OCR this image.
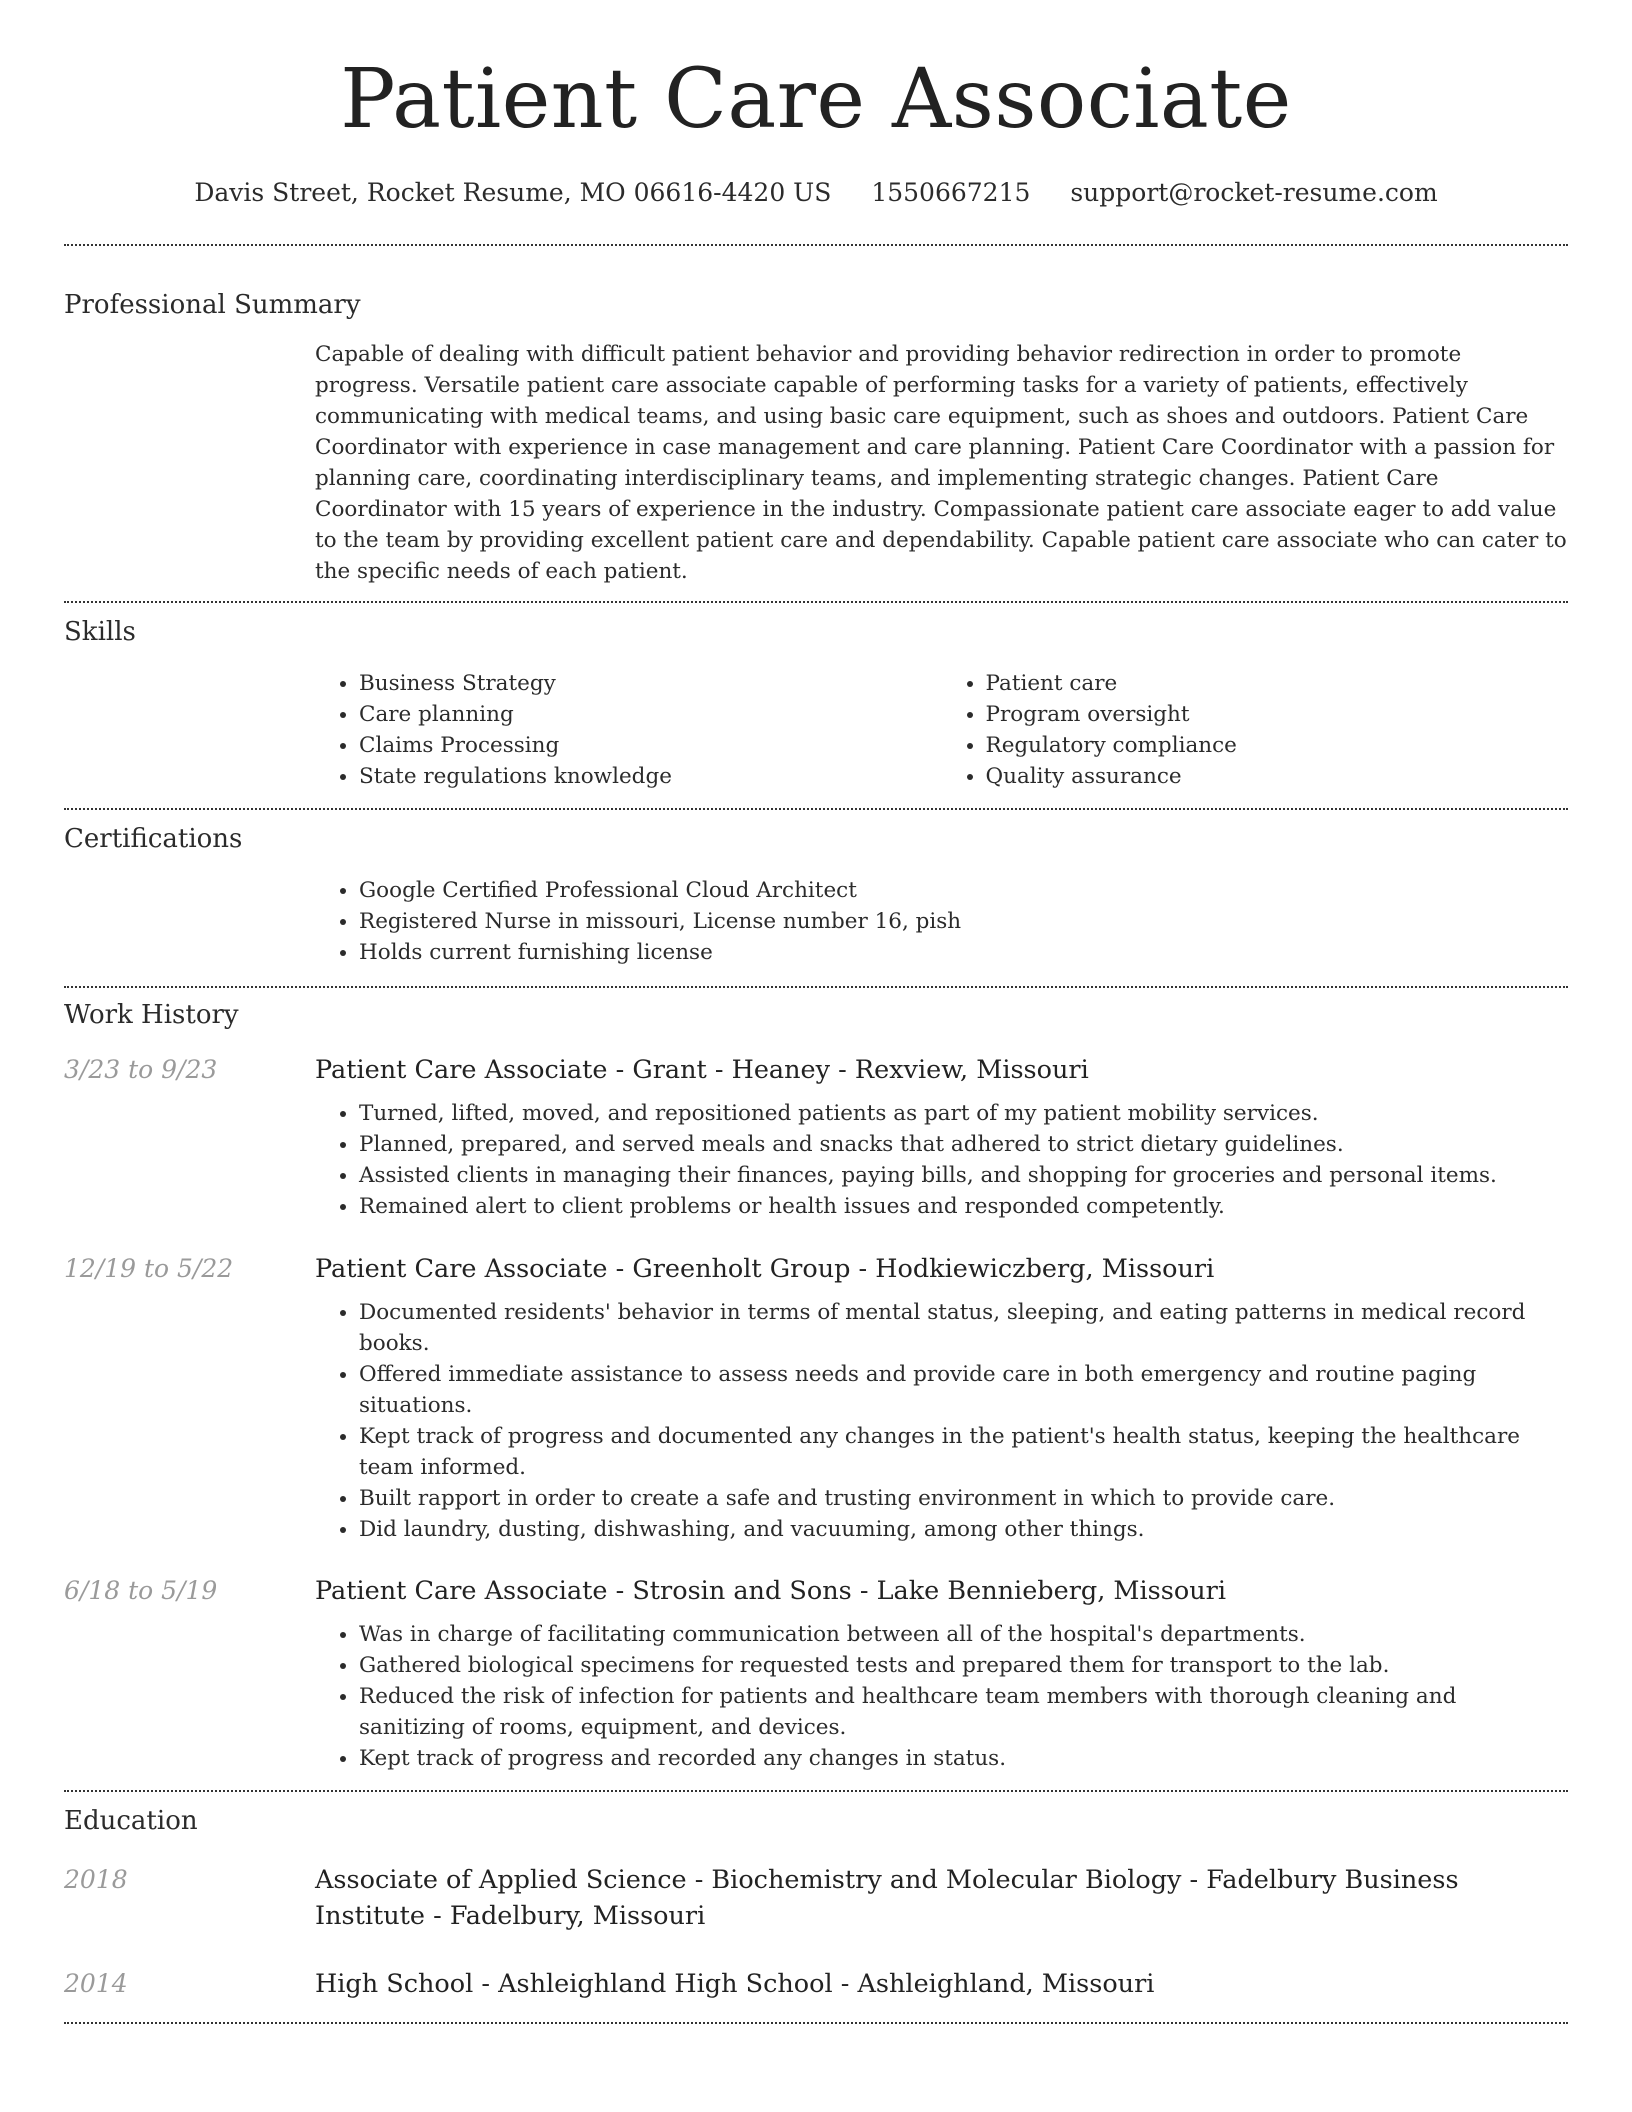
Patient Care Associate
Davis Street, Rocket Resume, MO 06616-4420 US 1550667215 support@rocket-resume.com
Professional Summary
Capable of dealing with difficult patient behavior and providing behavior redirection in order to promote progress. Versatile patient care associate capable of performing tasks for a variety of patients, effectively communicating with medical teams, and using basic care equipment, such as shoes and outdoors. Patient Care Coordinator with experience in case management and care planning. Patient Care Coordinator with a passion for planning care, coordinating interdisciplinary teams, and implementing strategic changes. Patient Care Coordinator with 15 years of experience in the industry. Compassionate patient care associate eager to add value to the team by providing excellent patient care and dependability. Capable patient care associate who can cater to the specific needs of each patient.
Skills
• Business Strategy
• Care planning
• Claims Processing
• State regulations knowledge
• Patient care
• Program oversight
• Regulatory compliance
• Quality assurance
Certifications
• Google Certified Professional Cloud Architect
• Registered Nurse in missouri, License number 16, pish
• Holds current furnishing license
Work History
3/23 to 9/23	Patient Care Associate - Grant - Heaney - Rexview, Missouri
• Turned, lifted, moved, and repositioned patients as part of my patient mobility services.
• Planned, prepared, and served meals and snacks that adhered to strict dietary guidelines.
• Assisted clients in managing their finances, paying bills, and shopping for groceries and personal items.
• Remained alert to client problems or health issues and responded competently.
12/19 to 5/22	Patient Care Associate - Greenholt Group - Hodkiewiczberg, Missouri
• Documented residents' behavior in terms of mental status, sleeping, and eating patterns in medical record books.
• Offered immediate assistance to assess needs and provide care in both emergency and routine paging situations.
• Kept track of progress and documented any changes in the patient's health status, keeping the healthcare team informed.
• Built rapport in order to create a safe and trusting environment in which to provide care.
• Did laundry, dusting, dishwashing, and vacuuming, among other things.
6/18 to 5/19	Patient Care Associate - Strosin and Sons - Lake Bennieberg, Missouri
• Was in charge of facilitating communication between all of the hospital's departments.
• Gathered biological specimens for requested tests and prepared them for transport to the lab.
• Reduced the risk of infection for patients and healthcare team members with thorough cleaning and sanitizing of rooms, equipment, and devices.
• Kept track of progress and recorded any changes in status.
Education
2018	Associate of Applied Science - Biochemistry and Molecular Biology - Fadelbury Business Institute - Fadelbury, Missouri
2014	High School - Ashleighland High School - Ashleighland, Missouri
